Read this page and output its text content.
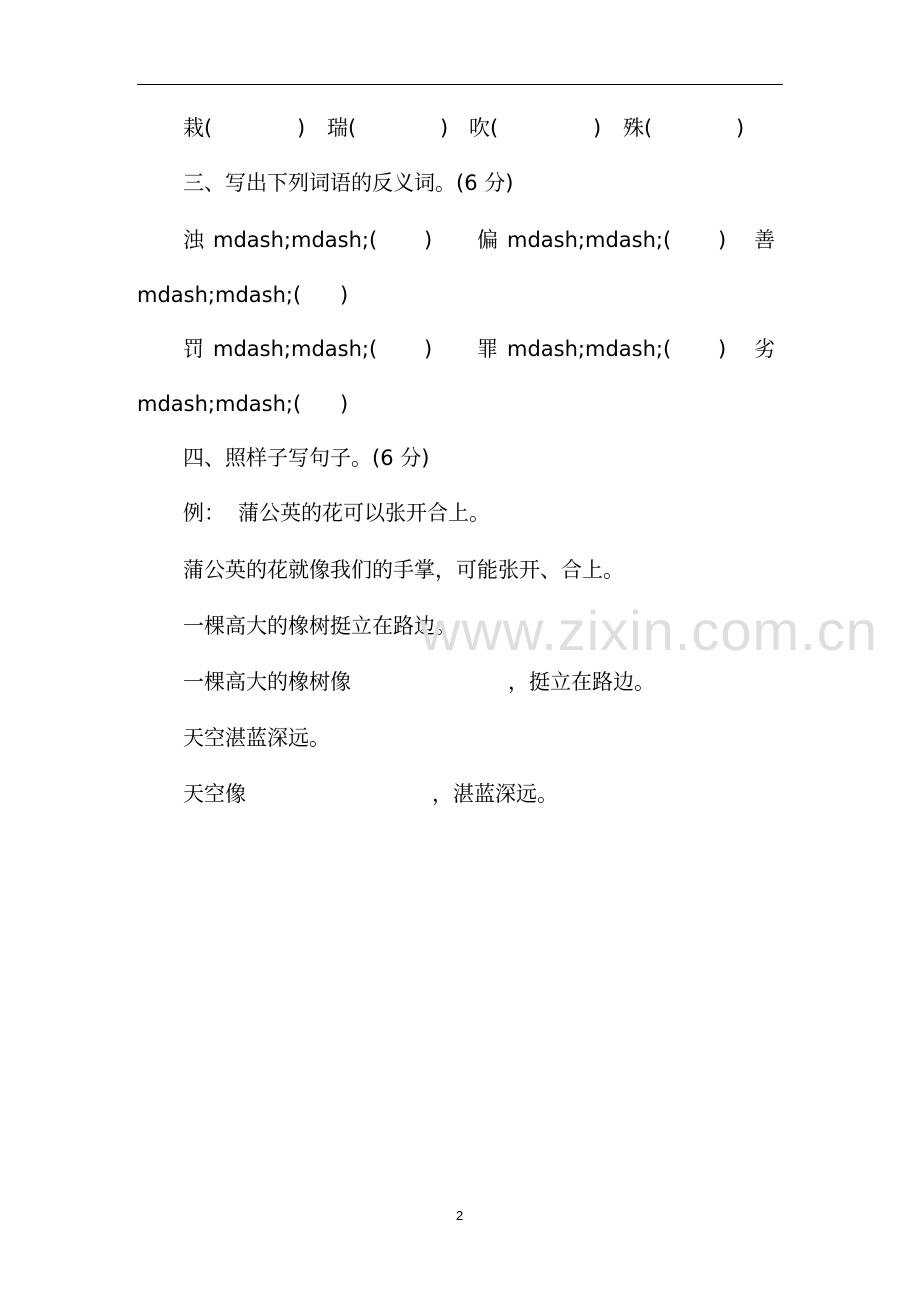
栽(	) 瑞(	) 吹(	) 殊(	)
三、写出下列词语的反义词。(6 分)
浊 mdash;mdash;( ) 偏 mdash;mdash;( ) 善
mdash;mdash;( )
罚 mdash;mdash;( ) 罪 mdash;mdash;( ) 劣
mdash;mdash;( )
四、照样子写句子。(6 分)
例： 蒲公英的花可以张开合上。
蒲公英的花就像我们的手掌，可能张开、合上。
一棵高大的橡树挺立在路边。
一棵高大的橡树像	，挺立在路边。
天空湛蓝深远。
天空像	，湛蓝深远。
www.zixin.com.cn
2
